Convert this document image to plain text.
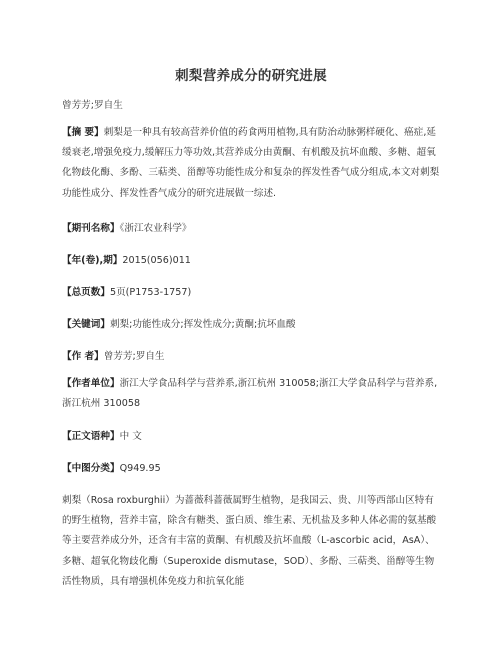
刺梨营养成分的研究进展
曾芳芳;罗自生
【摘 要】刺梨是一种具有较高营养价值的药食两用植物,具有防治动脉粥样硬化、癌症,延缓衰老,增强免疫力,缓解压力等功效,其营养成分由黄酮、有机酸及抗坏血酸、多糖、超氧化物歧化酶、多酚、三萜类、甾醇等功能性成分和复杂的挥发性香气成分组成,本文对刺梨功能性成分、挥发性香气成分的研究进展做一综述.
【期刊名称】《浙江农业科学》
【年(卷),期】2015(056)011
【总页数】5页(P1753-1757)
【关键词】刺梨;功能性成分;挥发性成分;黄酮;抗坏血酸
【作 者】曾芳芳;罗自生
【作者单位】浙江大学食品科学与营养系,浙江杭州 310058;浙江大学食品科学与营养系,浙江杭州 310058
【正文语种】中 文
【中图分类】Q949.95
刺梨（Rosa roxburghii）为蔷薇科蔷薇属野生植物，是我国云、贵、川等西部山区特有的野生植物，营养丰富，除含有糖类、蛋白质、维生素、无机盐及多种人体必需的氨基酸等主要营养成分外，还含有丰富的黄酮、有机酸及抗坏血酸（L-ascorbic acid，AsA）、多糖、超氧化物歧化酶（Superoxide dismutase，SOD）、多酚、三萜类、甾醇等生物活性物质，具有增强机体免疫力和抗氧化能
